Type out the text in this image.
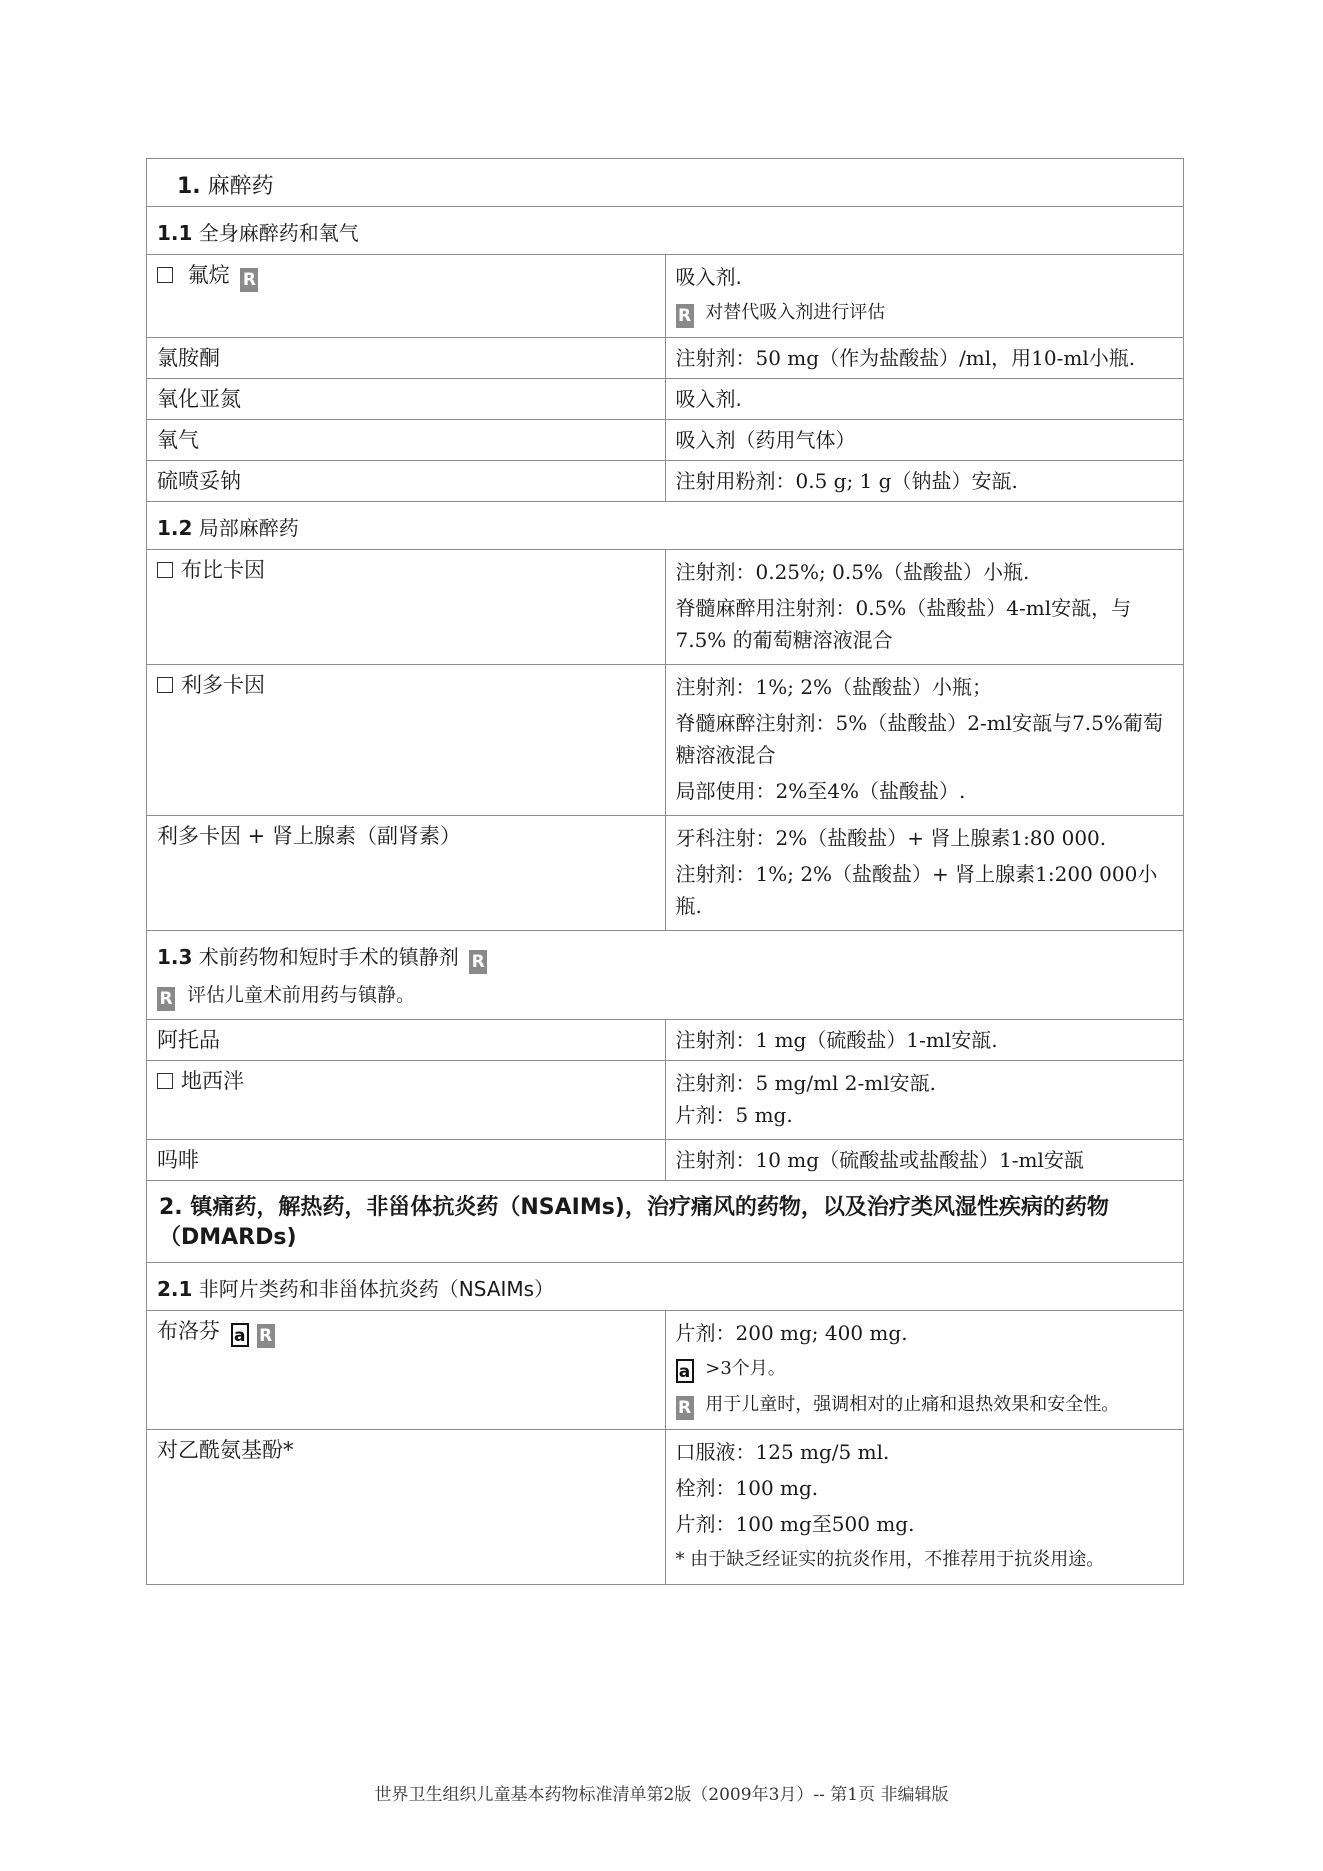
1. 麻醉药	
1.1 全身麻醉药和氧气	
氟烷 R	吸入剂.
R 对替代吸入剂进行评估

氯胺酮	注射剂：50 mg（作为盐酸盐）/ml，用10-ml小瓶.
氧化亚氮	吸入剂.
氧气	吸入剂（药用气体）
硫喷妥钠	注射用粉剂：0.5 g; 1 g（钠盐）安瓿.
1.2 局部麻醉药	
布比卡因	注射剂：0.25%; 0.5%（盐酸盐）小瓶.
脊髓麻醉用注射剂：0.5%（盐酸盐）4-ml安瓿，与7.5% 的葡萄糖溶液混合

利多卡因	注射剂：1%; 2%（盐酸盐）小瓶；
脊髓麻醉注射剂：5%（盐酸盐）2-ml安瓿与7.5%葡萄糖溶液混合
局部使用：2%至4%（盐酸盐）.

利多卡因 + 肾上腺素（副肾素）	牙科注射：2%（盐酸盐）+ 肾上腺素1:80 000.
注射剂：1%; 2%（盐酸盐）+ 肾上腺素1:200 000小瓶.

1.3 术前药物和短时手术的镇静剂 R
R 评估儿童术前用药与镇静。	

阿托品	注射剂：1 mg（硫酸盐）1-ml安瓿.
地西泮	注射剂：5 mg/ml 2-ml安瓿.
片剂：5 mg.

吗啡	注射剂：10 mg（硫酸盐或盐酸盐）1-ml安瓿
2. 镇痛药，解热药，非甾体抗炎药（NSAIMs)，治疗痛风的药物，以及治疗类风湿性疾病的药物（DMARDs)	
2.1 非阿片类药和非甾体抗炎药（NSAIMs）	
布洛芬 a R	片剂：200 mg; 400 mg.
a >3个月。
R 用于儿童时，强调相对的止痛和退热效果和安全性。

对乙酰氨基酚*	口服液：125 mg/5 ml.
栓剂：100 mg.
片剂：100 mg至500 mg.
* 由于缺乏经证实的抗炎作用，不推荐用于抗炎用途。
世界卫生组织儿童基本药物标准清单第2版（2009年3月）-- 第1页 非编辑版
